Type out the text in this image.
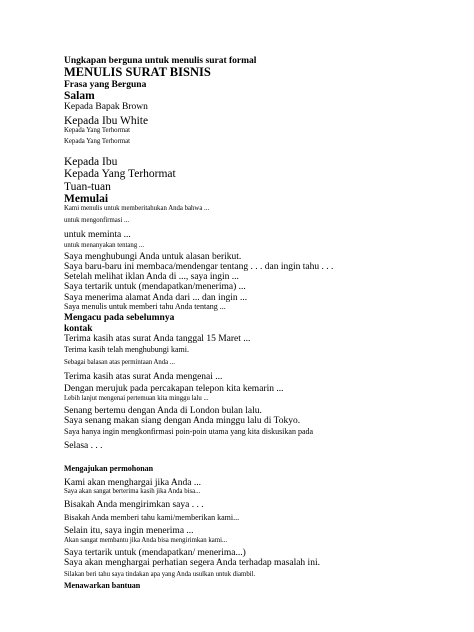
Ungkapan berguna untuk menulis surat formal
MENULIS SURAT BISNIS
Frasa yang Berguna
Salam
Kepada Bapak Brown
Kepada Ibu White
Kepada Yang Terhormat
Kepada Yang Terhormat
Kepada Ibu
Kepada Yang Terhormat
Tuan-tuan
Memulai
Kami menulis untuk memberitahukan Anda bahwa ...
untuk mengonfirmasi ...
untuk meminta ...
untuk menanyakan tentang ...
Saya menghubungi Anda untuk alasan berikut.
Saya baru-baru ini membaca/mendengar tentang . . . dan ingin tahu . . .
Setelah melihat iklan Anda di ..., saya ingin ...
Saya tertarik untuk (mendapatkan/menerima) ...
Saya menerima alamat Anda dari ... dan ingin ...
Saya menulis untuk memberi tahu Anda tentang ...
Mengacu pada sebelumnya
kontak
Terima kasih atas surat Anda tanggal 15 Maret ...
Terima kasih telah menghubungi kami.
Sebagai balasan atas permintaan Anda ...
Terima kasih atas surat Anda mengenai ...
Dengan merujuk pada percakapan telepon kita kemarin ...
Lebih lanjut mengenai pertemuan kita minggu lalu ...
Senang bertemu dengan Anda di London bulan lalu.
Saya senang makan siang dengan Anda minggu lalu di Tokyo.
Saya hanya ingin mengkonfirmasi poin-poin utama yang kita diskusikan pada
Selasa . . .
Mengajukan permohonan
Kami akan menghargai jika Anda ...
Saya akan sangat berterima kasih jika Anda bisa...
Bisakah Anda mengirimkan saya . . .
Bisakah Anda memberi tahu kami/memberikan kami...
Selain itu, saya ingin menerima ...
Akan sangat membantu jika Anda bisa mengirimkan kami...
Saya tertarik untuk (mendapatkan/ menerima...)
Saya akan menghargai perhatian segera Anda terhadap masalah ini.
Silakan beri tahu saya tindakan apa yang Anda usulkan untuk diambil.
Menawarkan bantuan
